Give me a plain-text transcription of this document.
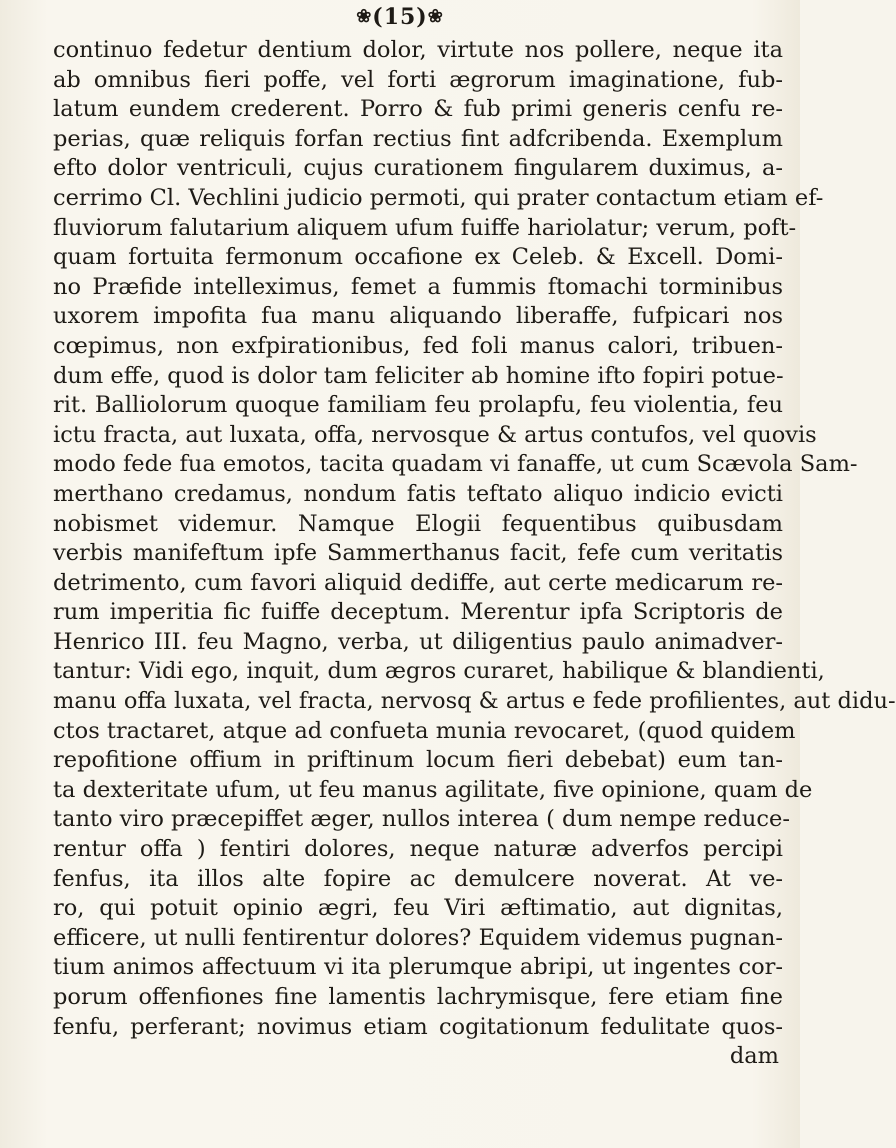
❀(15)❀
continuo fedetur dentium dolor, virtute nos pollere, neque ita
ab omnibus fieri poffe, vel forti ægrorum imaginatione, fub-
latum eundem crederent. Porro & fub primi generis cenfu re-
perias, quæ reliquis forfan rectius fint adfcribenda. Exemplum
efto dolor ventriculi, cujus curationem fingularem duximus, a-
cerrimo Cl. Vechlini judicio permoti, qui prater contactum etiam ef-
fluviorum falutarium aliquem ufum fuiffe hariolatur; verum, poft-
quam fortuita fermonum occafione ex Celeb. & Excell. Domi-
no Præfide intelleximus, femet a fummis ftomachi torminibus
uxorem impofita fua manu aliquando liberaffe, fufpicari nos
cœpimus, non exfpirationibus, fed foli manus calori, tribuen-
dum effe, quod is dolor tam feliciter ab homine ifto fopiri potue-
rit. Balliolorum quoque familiam feu prolapfu, feu violentia, feu
ictu fracta, aut luxata, offa, nervosque & artus contufos, vel quovis
modo fede fua emotos, tacita quadam vi fanaffe, ut cum Scævola Sam-
merthano credamus, nondum fatis teftato aliquo indicio evicti
nobismet videmur. Namque Elogii fequentibus quibusdam
verbis manifeftum ipfe Sammerthanus facit, fefe cum veritatis
detrimento, cum favori aliquid dediffe, aut certe medicarum re-
rum imperitia fic fuiffe deceptum. Merentur ipfa Scriptoris de
Henrico III. feu Magno, verba, ut diligentius paulo animadver-
tantur: Vidi ego, inquit, dum ægros curaret, habilique & blandienti,
manu offa luxata, vel fracta, nervosq & artus e fede profilientes, aut didu-
ctos tractaret, atque ad confueta munia revocaret, (quod quidem
repofitione offium in priftinum locum fieri debebat) eum tan-
ta dexteritate ufum, ut feu manus agilitate, five opinione, quam de
tanto viro præcepiffet æger, nullos interea ( dum nempe reduce-
rentur offa ) fentiri dolores, neque naturæ adverfos percipi
fenfus, ita illos alte fopire ac demulcere noverat. At ve-
ro, qui potuit opinio ægri, feu Viri æftimatio, aut dignitas,
efficere, ut nulli fentirentur dolores? Equidem videmus pugnan-
tium animos affectuum vi ita plerumque abripi, ut ingentes cor-
porum offenfiones fine lamentis lachrymisque, fere etiam fine
fenfu, perferant; novimus etiam cogitationum fedulitate quos-
dam
